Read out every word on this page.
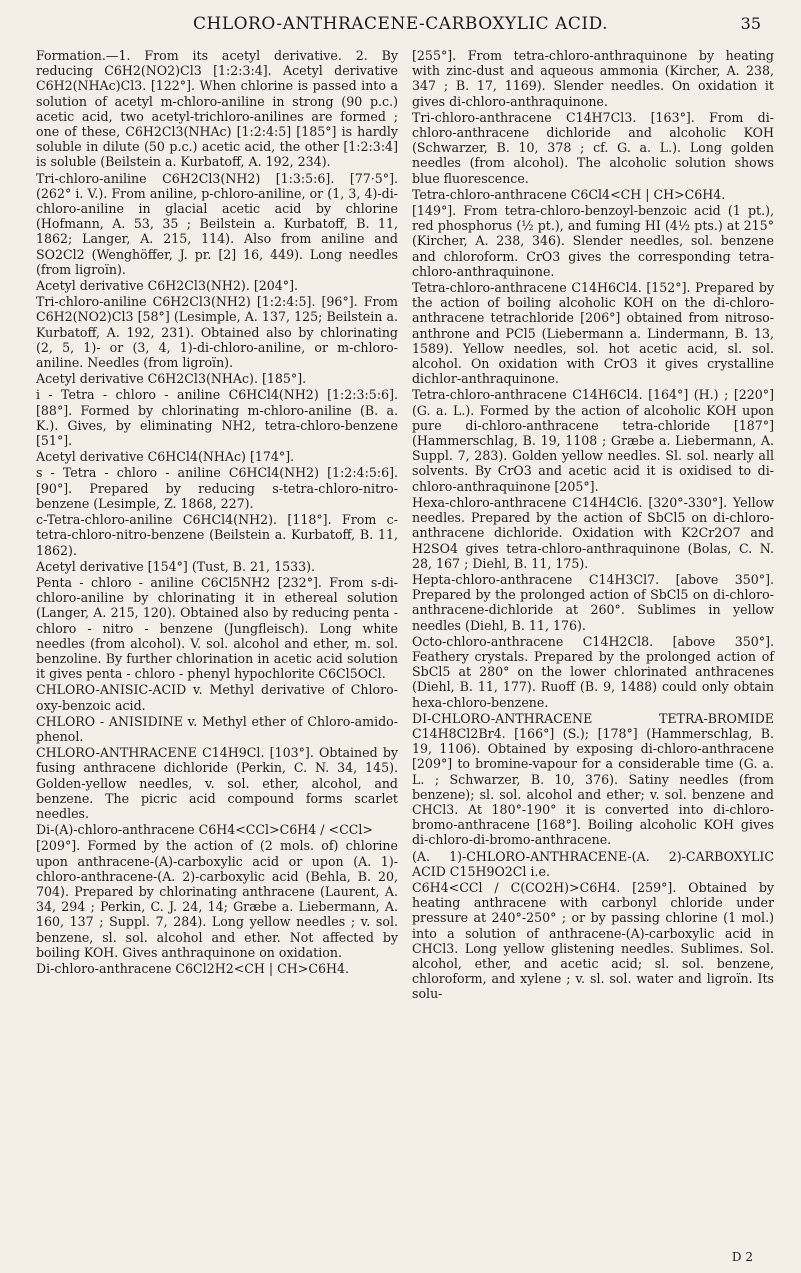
CHLORO-ANTHRACENE-CARBOXYLIC ACID.	35

Formation.—1. From its acetyl derivative. 2. By reducing C6H2(NO2)Cl3 [1:2:3:4]. Acetyl derivative C6H2(NHAc)Cl3. [122°]. When chlorine is passed into a solution of acetyl m-chloro-aniline in strong (90 p.c.) acetic acid, two acetyl-trichloro-anilines are formed ; one of these, C6H2Cl3(NHAc) [1:2:4:5] [185°] is hardly soluble in dilute (50 p.c.) acetic acid, the other [1:2:3:4] is soluble (Beilstein a. Kurbatoff, A. 192, 234).

Tri-chloro-aniline C6H2Cl3(NH2) [1:3:5:6]. [77·5°]. (262° i. V.). From aniline, p-chloro-aniline, or (1, 3, 4)-di-chloro-aniline in glacial acetic acid by chlorine (Hofmann, A. 53, 35 ; Beilstein a. Kurbatoff, B. 11, 1862; Langer, A. 215, 114). Also from aniline and SO2Cl2 (Wenghöffer, J. pr. [2] 16, 449). Long needles (from ligroïn).

Acetyl derivative C6H2Cl3(NH2). [204°].

Tri-chloro-aniline C6H2Cl3(NH2) [1:2:4:5]. [96°]. From C6H2(NO2)Cl3 [58°] (Lesimple, A. 137, 125; Beilstein a. Kurbatoff, A. 192, 231). Obtained also by chlorinating (2, 5, 1)- or (3, 4, 1)-di-chloro-aniline, or m-chloro-aniline. Needles (from ligroïn).

Acetyl derivative C6H2Cl3(NHAc). [185°].

i - Tetra - chloro - aniline C6HCl4(NH2) [1:2:3:5:6]. [88°]. Formed by chlorinating m-chloro-aniline (B. a. K.). Gives, by eliminating NH2, tetra-chloro-benzene [51°].

Acetyl derivative C6HCl4(NHAc) [174°].

s - Tetra - chloro - aniline C6HCl4(NH2) [1:2:4:5:6]. [90°]. Prepared by reducing s-tetra-chloro-nitro-benzene (Lesimple, Z. 1868, 227).

c-Tetra-chloro-aniline C6HCl4(NH2). [118°]. From c-tetra-chloro-nitro-benzene (Beilstein a. Kurbatoff, B. 11, 1862).

Acetyl derivative [154°] (Tust, B. 21, 1533).

Penta - chloro - aniline C6Cl5NH2 [232°]. From s-di-chloro-aniline by chlorinating it in ethereal solution (Langer, A. 215, 120). Obtained also by reducing penta - chloro - nitro - benzene (Jungfleisch). Long white needles (from alcohol). V. sol. alcohol and ether, m. sol. benzoline. By further chlorination in acetic acid solution it gives penta - chloro - phenyl hypochlorite C6Cl5OCl.

CHLORO-ANISIC-ACID v. Methyl derivative of Chloro-oxy-benzoic acid.

CHLORO - ANISIDINE v. Methyl ether of Chloro-amido-phenol.

CHLORO-ANTHRACENE C14H9Cl. [103°]. Obtained by fusing anthracene dichloride (Perkin, C. N. 34, 145). Golden-yellow needles, v. sol. ether, alcohol, and benzene. The picric acid compound forms scarlet needles.

Di-(A)-chloro-anthracene C6H4<CCl>C6H4 / <CCl>

[209°]. Formed by the action of (2 mols. of) chlorine upon anthracene-(A)-carboxylic acid or upon (A. 1)-chloro-anthracene-(A. 2)-carboxylic acid (Behla, B. 20, 704). Prepared by chlorinating anthracene (Laurent, A. 34, 294 ; Perkin, C. J. 24, 14; Græbe a. Liebermann, A. 160, 137 ; Suppl. 7, 284). Long yellow needles ; v. sol. benzene, sl. sol. alcohol and ether. Not affected by boiling KOH. Gives anthraquinone on oxidation.

Di-chloro-anthracene C6Cl2H2<CH | CH>C6H4.

[255°]. From tetra-chloro-anthraquinone by heating with zinc-dust and aqueous ammonia (Kircher, A. 238, 347 ; B. 17, 1169). Slender needles. On oxidation it gives di-chloro-anthraquinone.

Tri-chloro-anthracene C14H7Cl3. [163°]. From di-chloro-anthracene dichloride and alcoholic KOH (Schwarzer, B. 10, 378 ; cf. G. a. L.). Long golden needles (from alcohol). The alcoholic solution shows blue fluorescence.

Tetra-chloro-anthracene C6Cl4<CH | CH>C6H4.

[149°]. From tetra-chloro-benzoyl-benzoic acid (1 pt.), red phosphorus (½ pt.), and fuming HI (4½ pts.) at 215° (Kircher, A. 238, 346). Slender needles, sol. benzene and chloroform. CrO3 gives the corresponding tetra-chloro-anthraquinone.

Tetra-chloro-anthracene C14H6Cl4. [152°]. Prepared by the action of boiling alcoholic KOH on the di-chloro-anthracene tetrachloride [206°] obtained from nitroso-anthrone and PCl5 (Liebermann a. Lindermann, B. 13, 1589). Yellow needles, sol. hot acetic acid, sl. sol. alcohol. On oxidation with CrO3 it gives crystalline dichlor-anthraquinone.

Tetra-chloro-anthracene C14H6Cl4. [164°] (H.) ; [220°] (G. a. L.). Formed by the action of alcoholic KOH upon pure di-chloro-anthracene tetra-chloride [187°] (Hammerschlag, B. 19, 1108 ; Græbe a. Liebermann, A. Suppl. 7, 283). Golden yellow needles. Sl. sol. nearly all solvents. By CrO3 and acetic acid it is oxidised to di-chloro-anthraquinone [205°].

Hexa-chloro-anthracene C14H4Cl6. [320°-330°]. Yellow needles. Prepared by the action of SbCl5 on di-chloro-anthracene dichloride. Oxidation with K2Cr2O7 and H2SO4 gives tetra-chloro-anthraquinone (Bolas, C. N. 28, 167 ; Diehl, B. 11, 175).

Hepta-chloro-anthracene C14H3Cl7. [above 350°]. Prepared by the prolonged action of SbCl5 on di-chloro-anthracene-dichloride at 260°. Sublimes in yellow needles (Diehl, B. 11, 176).

Octo-chloro-anthracene C14H2Cl8. [above 350°]. Feathery crystals. Prepared by the prolonged action of SbCl5 at 280° on the lower chlorinated anthracenes (Diehl, B. 11, 177). Ruoff (B. 9, 1488) could only obtain hexa-chloro-benzene.

DI-CHLORO-ANTHRACENE TETRA-BROMIDE C14H8Cl2Br4. [166°] (S.); [178°] (Hammerschlag, B. 19, 1106). Obtained by exposing di-chloro-anthracene [209°] to bromine-vapour for a considerable time (G. a. L. ; Schwarzer, B. 10, 376). Satiny needles (from benzene); sl. sol. alcohol and ether; v. sol. benzene and CHCl3. At 180°-190° it is converted into di-chloro-bromo-anthracene [168°]. Boiling alcoholic KOH gives di-chloro-di-bromo-anthracene.

(A. 1)-CHLORO-ANTHRACENE-(A. 2)-CARBOXYLIC ACID C15H9O2Cl i.e.

C6H4<CCl / C(CO2H)>C6H4. [259°]. Obtained by heating anthracene with carbonyl chloride under pressure at 240°-250° ; or by passing chlorine (1 mol.) into a solution of anthracene-(A)-carboxylic acid in CHCl3. Long yellow glistening needles. Sublimes. Sol. alcohol, ether, and acetic acid; sl. sol. benzene, chloroform, and xylene ; v. sl. sol. water and ligroïn. Its solu-

D 2
